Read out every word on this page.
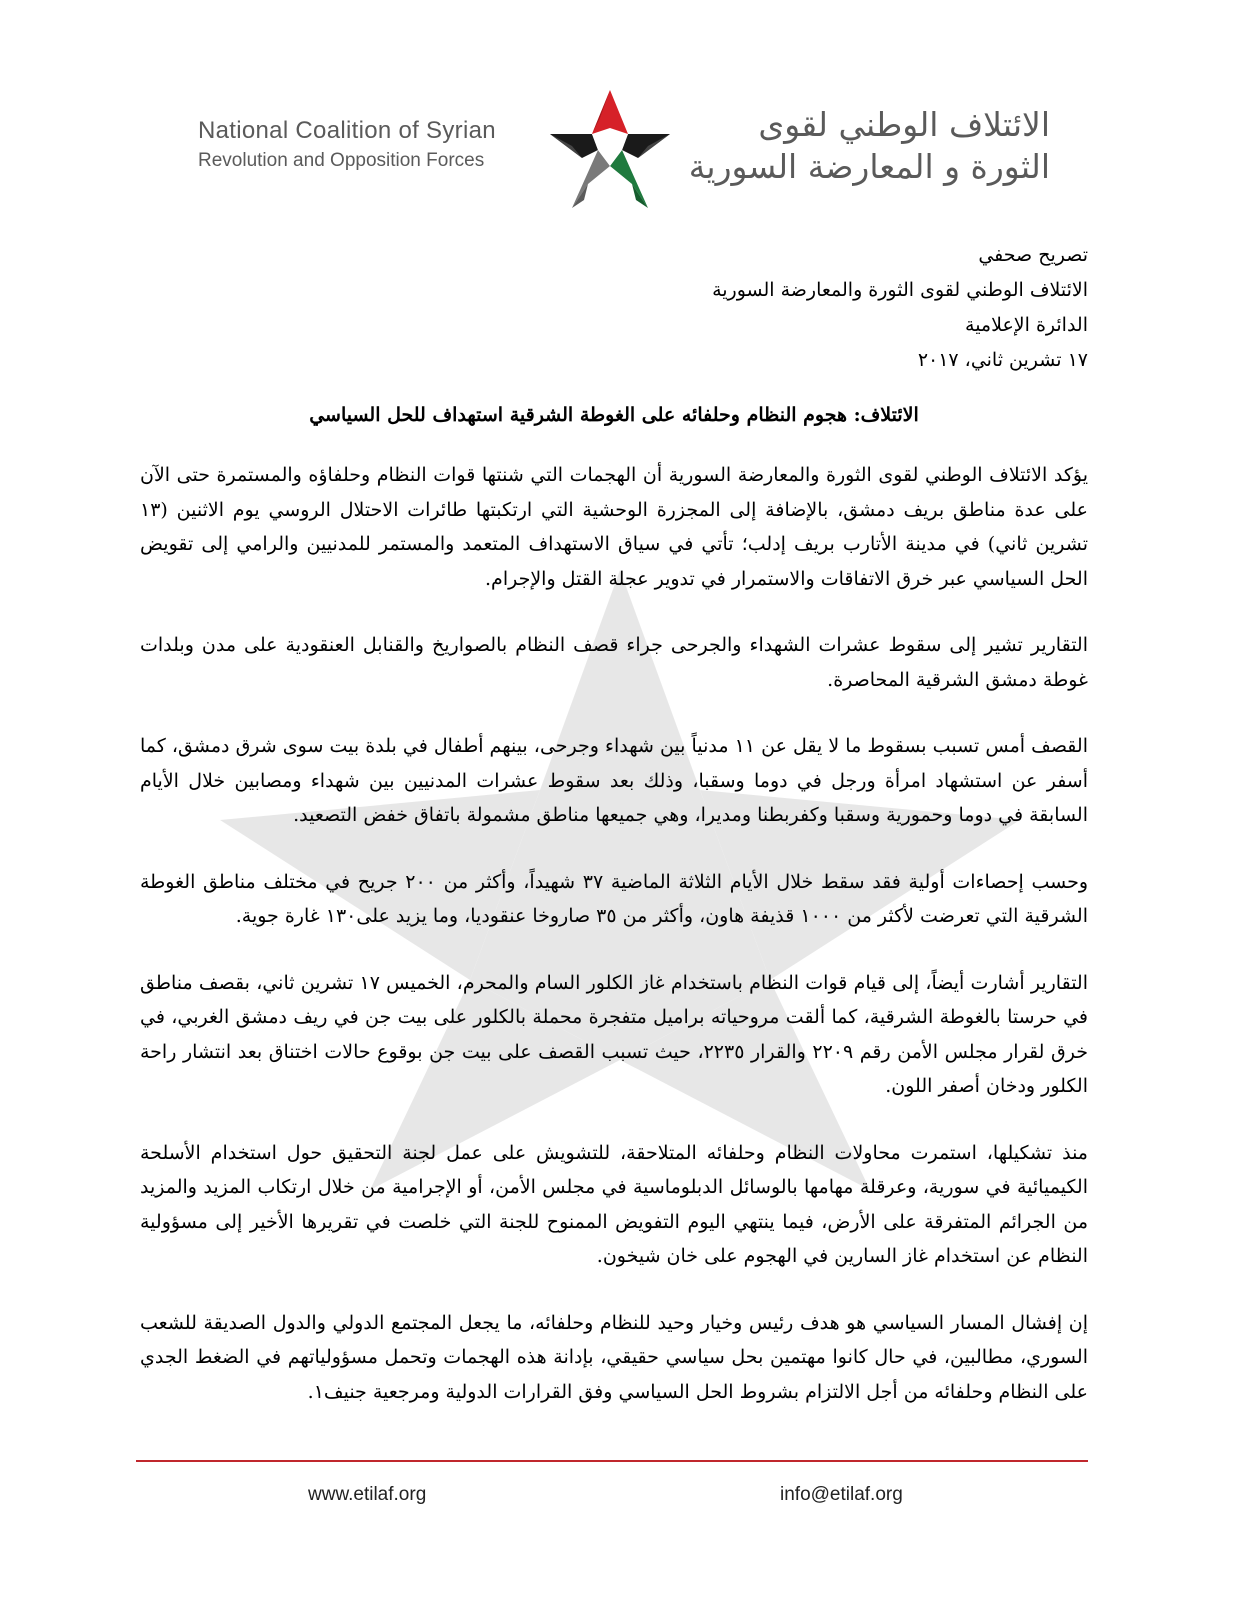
National Coalition of Syrian
Revolution and Opposition Forces
الائتلاف الوطني لقوى
الثورة و المعارضة السورية
تصريح صحفي
الائتلاف الوطني لقوى الثورة والمعارضة السورية
الدائرة الإعلامية
١٧ تشرين ثاني، ٢٠١٧
الائتلاف: هجوم النظام وحلفائه على الغوطة الشرقية استهداف للحل السياسي

يؤكد الائتلاف الوطني لقوى الثورة والمعارضة السورية أن الهجمات التي شنتها قوات النظام وحلفاؤه والمستمرة حتى الآن على عدة مناطق بريف دمشق، بالإضافة إلى المجزرة الوحشية التي ارتكبتها طائرات الاحتلال الروسي يوم الاثنين (١٣ تشرين ثاني) في مدينة الأتارب بريف إدلب؛ تأتي في سياق الاستهداف المتعمد والمستمر للمدنيين والرامي إلى تقويض الحل السياسي عبر خرق الاتفاقات والاستمرار في تدوير عجلة القتل والإجرام.

التقارير تشير إلى سقوط عشرات الشهداء والجرحى جراء قصف النظام بالصواريخ والقنابل العنقودية على مدن وبلدات غوطة دمشق الشرقية المحاصرة.

القصف أمس تسبب بسقوط ما لا يقل عن ١١ مدنياً بين شهداء وجرحى، بينهم أطفال في بلدة بيت سوى شرق دمشق، كما أسفر عن استشهاد امرأة ورجل في دوما وسقبا، وذلك بعد سقوط عشرات المدنيين بين شهداء ومصابين خلال الأيام السابقة في دوما وحمورية وسقبا وكفربطنا ومديرا، وهي جميعها مناطق مشمولة باتفاق خفض التصعيد.

وحسب إحصاءات أولية فقد سقط خلال الأيام الثلاثة الماضية ٣٧ شهيداً، وأكثر من ٢٠٠ جريح في مختلف مناطق الغوطة الشرقية التي تعرضت لأكثر من ١٠٠٠ قذيفة هاون، وأكثر من ٣٥ صاروخا عنقوديا، وما يزيد على١٣٠ غارة جوية.

التقارير أشارت أيضاً، إلى قيام قوات النظام باستخدام غاز الكلور السام والمحرم، الخميس ١٧ تشرين ثاني، بقصف مناطق في حرستا بالغوطة الشرقية، كما ألقت مروحياته براميل متفجرة محملة بالكلور على بيت جن في ريف دمشق الغربي، في خرق لقرار مجلس الأمن رقم ٢٢٠٩ والقرار ٢٢٣٥، حيث تسبب القصف على بيت جن بوقوع حالات اختناق بعد انتشار راحة الكلور ودخان أصفر اللون.

منذ تشكيلها، استمرت محاولات النظام وحلفائه المتلاحقة، للتشويش على عمل لجنة التحقيق حول استخدام الأسلحة الكيميائية في سورية، وعرقلة مهامها بالوسائل الدبلوماسية في مجلس الأمن، أو الإجرامية من خلال ارتكاب المزيد والمزيد من الجرائم المتفرقة على الأرض، فيما ينتهي اليوم التفويض الممنوح للجنة التي خلصت في تقريرها الأخير إلى مسؤولية النظام عن استخدام غاز السارين في الهجوم على خان شيخون.

إن إفشال المسار السياسي هو هدف رئيس وخيار وحيد للنظام وحلفائه، ما يجعل المجتمع الدولي والدول الصديقة للشعب السوري، مطالبين، في حال كانوا مهتمين بحل سياسي حقيقي، بإدانة هذه الهجمات وتحمل مسؤولياتهم في الضغط الجدي على النظام وحلفائه من أجل الالتزام بشروط الحل السياسي وفق القرارات الدولية ومرجعية جنيف١.

www.etilaf.org	info@etilaf.org
